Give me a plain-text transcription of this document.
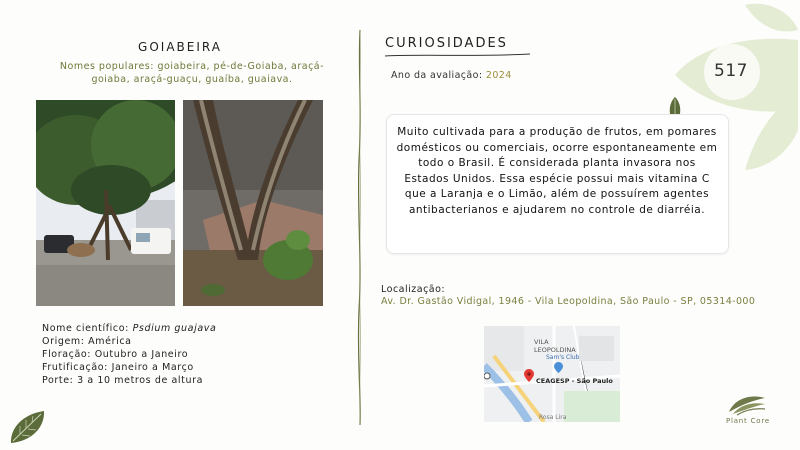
517
GOIABEIRA
Nomes populares: goiabeira, pé-de-Goiaba, araçá-goiaba, araçá-guaçu, guaíba, guaiava.
Nome científico: Psdium guajava
Origem: América
Floração: Outubro a Janeiro
Frutificação: Janeiro a Março
Porte: 3 a 10 metros de altura
CURIOSIDADES
Ano da avaliação: 2024
Muito cultivada para a produção de frutos, em pomares domésticos ou comerciais, ocorre espontaneamente em todo o Brasil. É considerada planta invasora nos Estados Unidos. Essa espécie possui mais vitamina C que a Laranja e o Limão, além de possuírem agentes antibacterianos e ajudarem no controle de diarréia.
Localização:
Av. Dr. Gastão Vidigal, 1946 - Vila Leopoldina, São Paulo - SP, 05314-000
VILA
LEOPOLDINA
Sam's Club
CEAGESP - São Paulo
Rosa Lira	Plant Core
